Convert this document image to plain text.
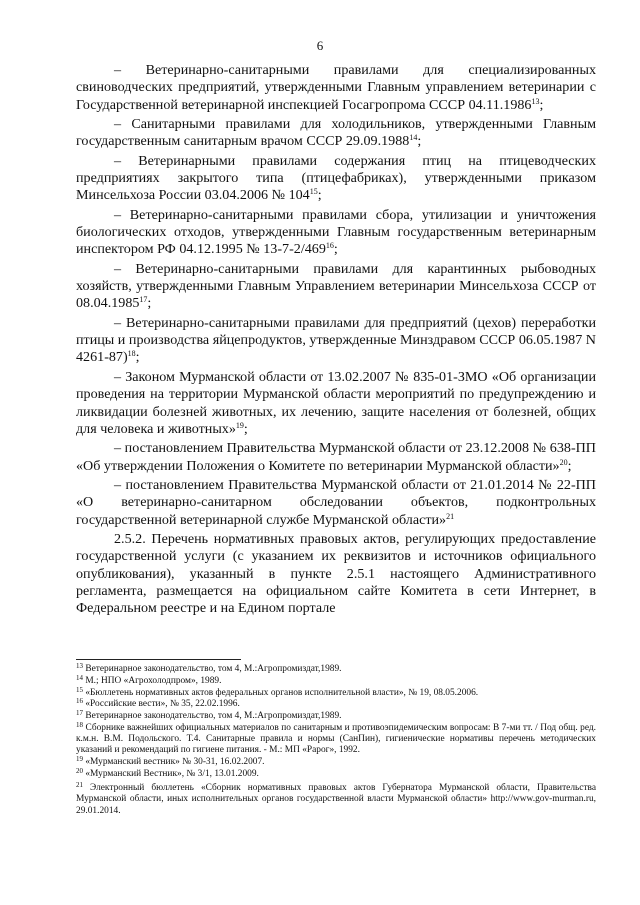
6

– Ветеринарно-санитарными правилами для специализированных свиноводческих предприятий, утвержденными Главным управлением ветеринарии с Государственной ветеринарной инспекцией Госагропрома СССР 04.11.1986$^{13}$;

– Санитарными правилами для холодильников, утвержденными Главным государственным санитарным врачом СССР 29.09.1988$^{14}$;

– Ветеринарными правилами содержания птиц на птицеводческих предприятиях закрытого типа (птицефабриках), утвержденными приказом Минсельхоза России 03.04.2006 № $104^{15}$;

– Ветеринарно-санитарными правилами сбора, утилизации и уничтожения биологических отходов, утвержденными Главным государственным ветеринарным инспектором РФ 04.12.1995 № $13-7-2/469^{16}$;

– Ветеринарно-санитарными правилами для карантинных рыбоводных хозяйств, утвержденными Главным Управлением ветеринарии Минсельхоза СССР от 08.04.1985$^{17}$;

– Ветеринарно-санитарными правилами для предприятий (цехов) переработки птицы и производства яйцепродуктов, утвержденные Минздравом СССР 06.05.1987 N 4261-87)$^{18}$;

– Законом Мурманской области от 13.02.2007 № 835-01-ЗМО «Об организации проведения на территории Мурманской области мероприятий по предупреждению и ликвидации болезней животных, их лечению, защите населения от болезней, общих для человека и животных»$^{19}$;

– постановлением Правительства Мурманской области от 23.12.2008 № 638-ПП «Об утверждении Положения о Комитете по ветеринарии Мурманской области»$^{20}$;

– постановлением Правительства Мурманской области от 21.01.2014 № 22-ПП «О ветеринарно-санитарном обследовании объектов, подконтрольных государственной ветеринарной службе Мурманской области»$^{21}$

2.5.2. Перечень нормативных правовых актов, регулирующих предоставление государственной услуги (с указанием их реквизитов и источников официального опубликования), указанный в пункте 2.5.1 настоящего Административного регламента, размещается на официальном сайте Комитета в сети Интернет, в Федеральном реестре и на Едином портале

$^{13}$ Ветеринарное законодательство, том 4, М.:Агропромиздат,1989.

$^{14}$ М.; НПО «Агрохолодпром», 1989.

$^{15}$ «Бюллетень нормативных актов федеральных органов исполнительной власти», № 19, 08.05.2006.

$^{16}$ «Российские вести», № 35, 22.02.1996.

$^{17}$ Ветеринарное законодательство, том 4, М.:Агропромиздат,1989.

$^{18}$ Сборнике важнейших официальных материалов по санитарным и противоэпидемическим вопросам: В 7-ми тт. / Под общ. ред. к.м.н. В.М. Подольского. Т.4. Санитарные правила и нормы (СанПин), гигиенические нормативы перечень методических указаний и рекомендаций по гигиене питания. - М.: МП «Рарог», 1992.

$^{19}$ «Мурманский вестник» № 30-31, 16.02.2007.

$^{20}$ «Мурманский Вестник», № 3/1, 13.01.2009.

$^{21}$ Электронный бюллетень «Сборник нормативных правовых актов Губернатора Мурманской области, Правительства Мурманской области, иных исполнительных органов государственной власти Мурманской области» http://www.gov-murman.ru, 29.01.2014.
